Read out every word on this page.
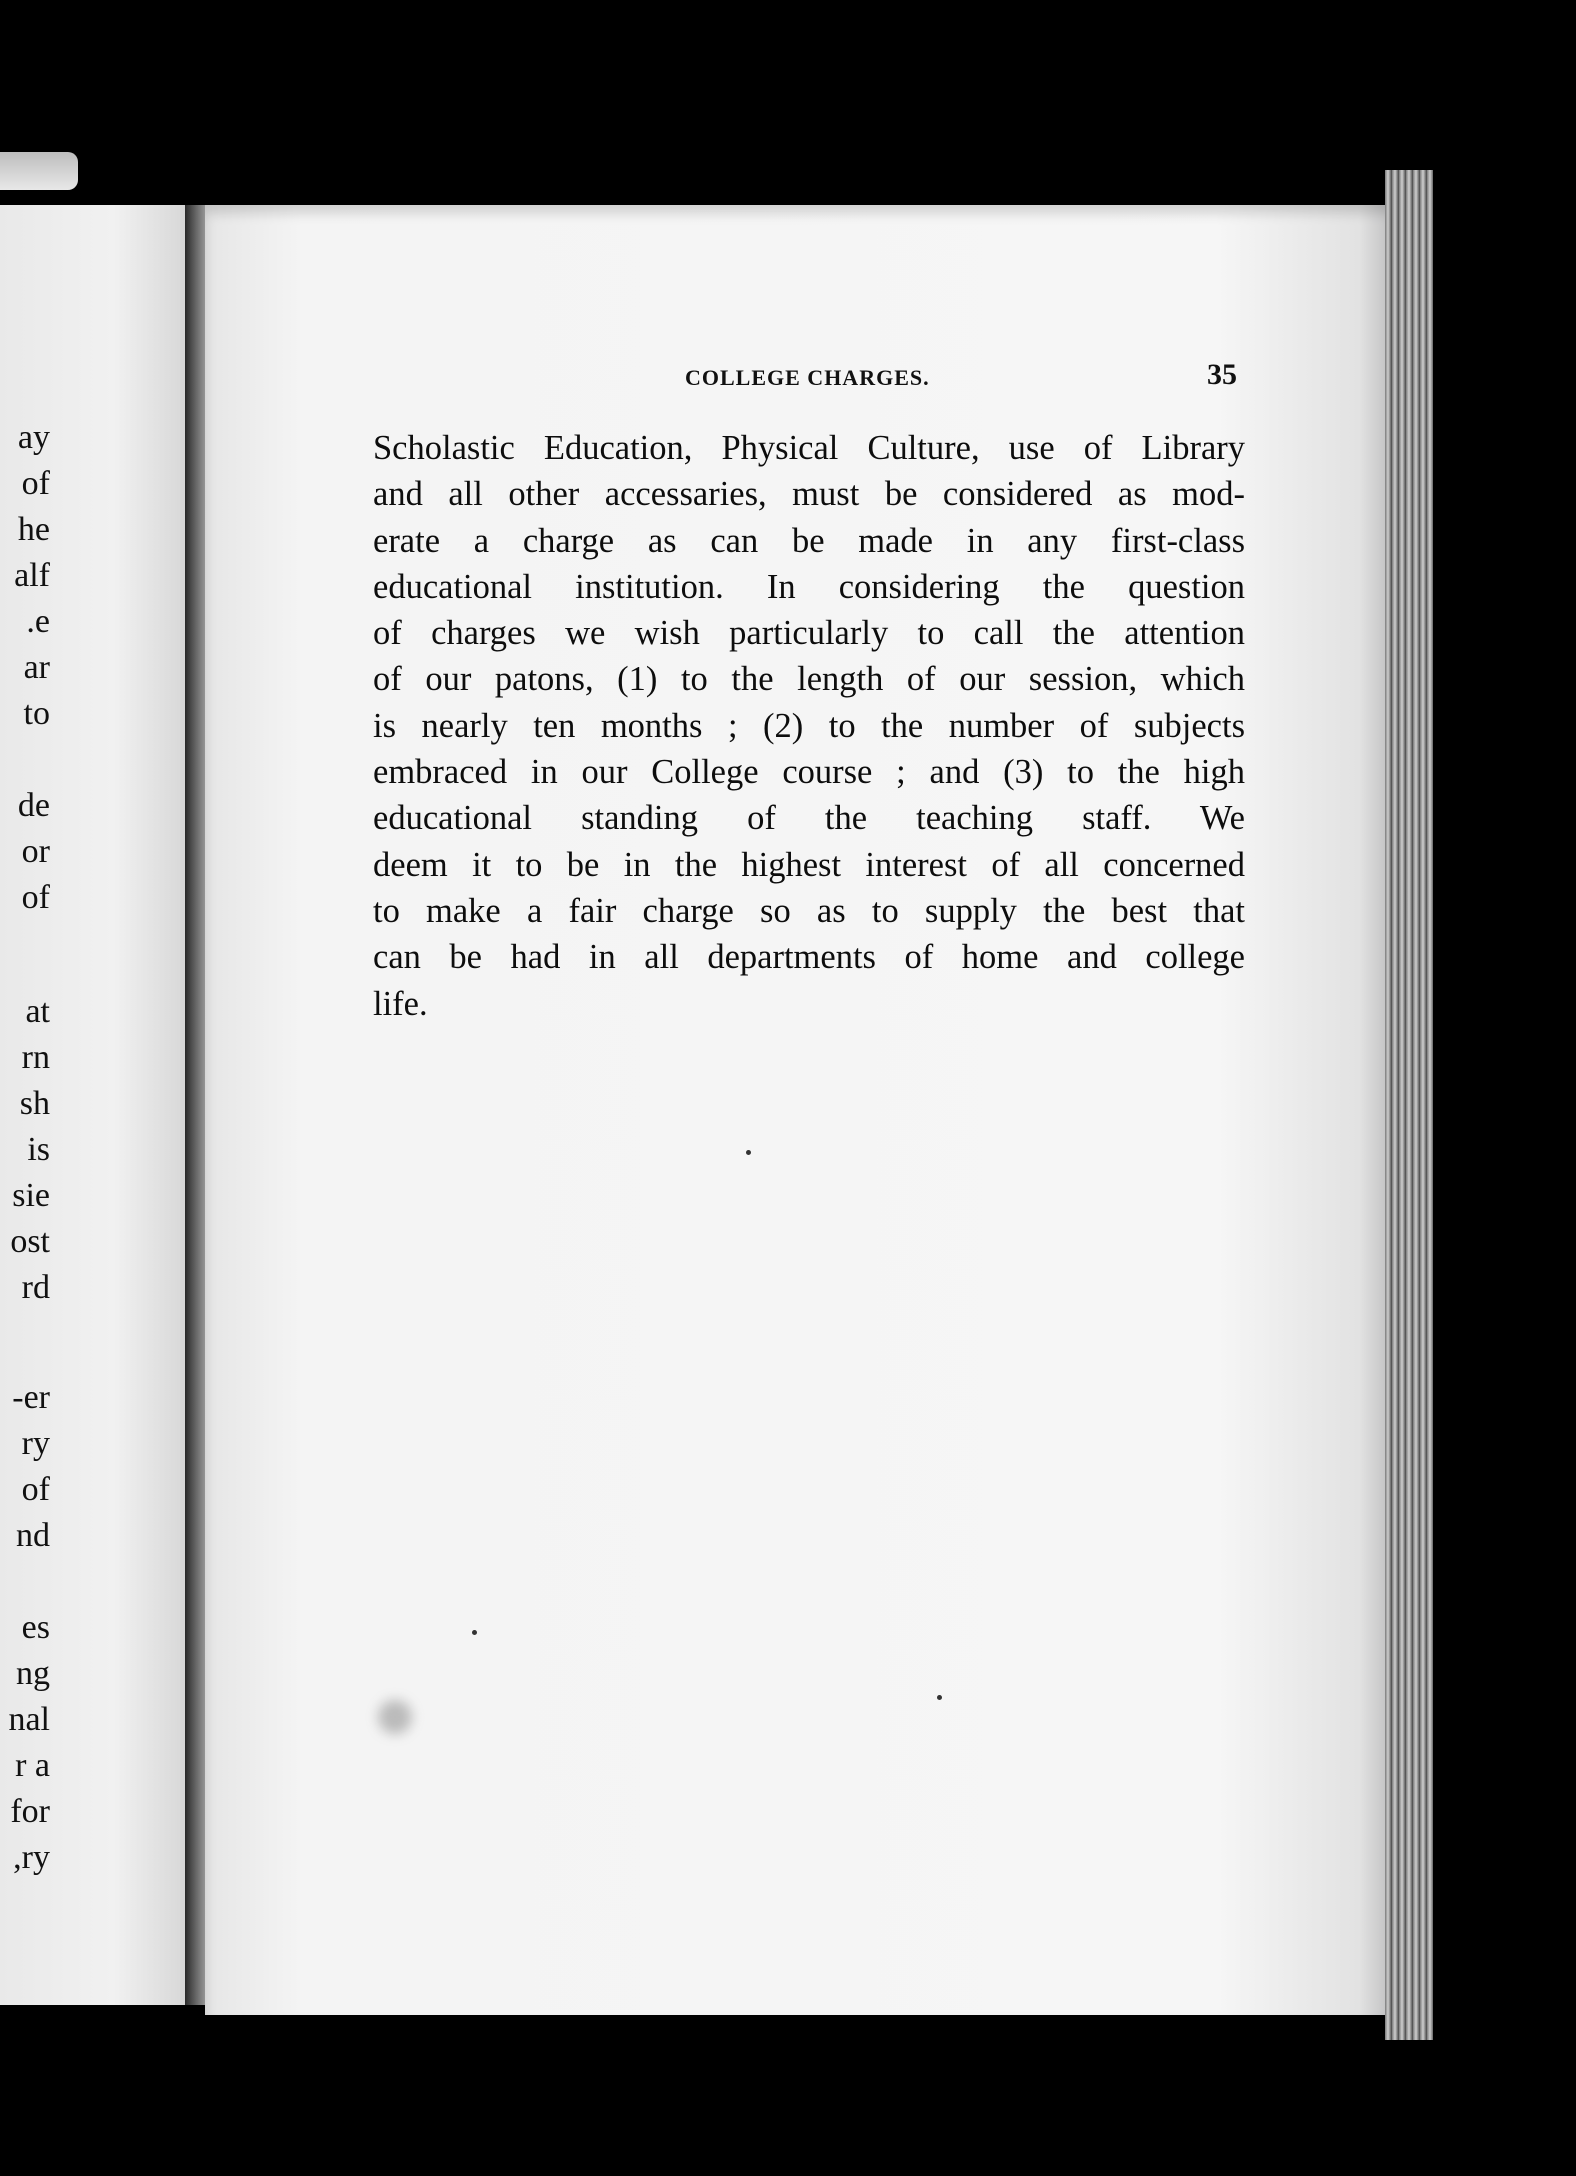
ay
of
he
alf
e.
ar
to
de
or
of
at
rn
sh
is
sie
ost
rd
er-
ry
of
nd
es
ng
nal
r a
for
ry,
COLLEGE CHARGES.	35
Scholastic Education, Physical Culture, use of Library
and all other accessaries, must be considered as mod-
erate a charge as can be made in any first-class
educational institution. In considering the question
of charges we wish particularly to call the attention
of our patons, (1) to the length of our session, which
is nearly ten months ; (2) to the number of subjects
embraced in our College course ; and (3) to the high
educational standing of the teaching staff. We
deem it to be in the highest interest of all concerned
to make a fair charge so as to supply the best that
can be had in all departments of home and college
life.
